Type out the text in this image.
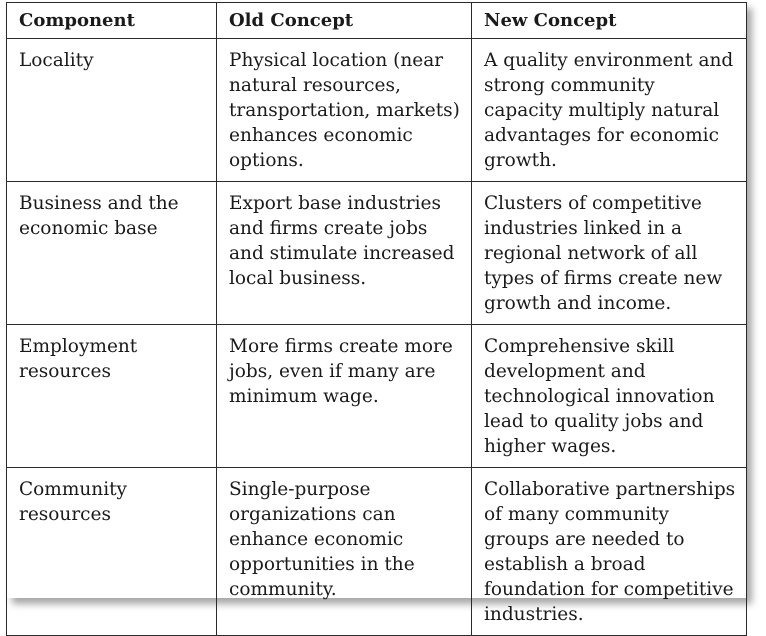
Component	Old Concept	New Concept
Locality	Physical location (near natural resources, transportation, markets) enhances economic options.	A quality environment and strong community capacity multiply natural advantages for economic growth.
Business and the economic base	Export base industries and firms create jobs and stimulate increased local business.	Clusters of competitive industries linked in a regional network of all types of firms create new growth and income.
Employment resources	More firms create more jobs, even if many are minimum wage.	Comprehensive skill development and technological innovation lead to quality jobs and higher wages.
Community resources	Single-purpose organizations can enhance economic opportunities in the community.	Collaborative partnerships of many community groups are needed to establish a broad foundation for competitive industries.
